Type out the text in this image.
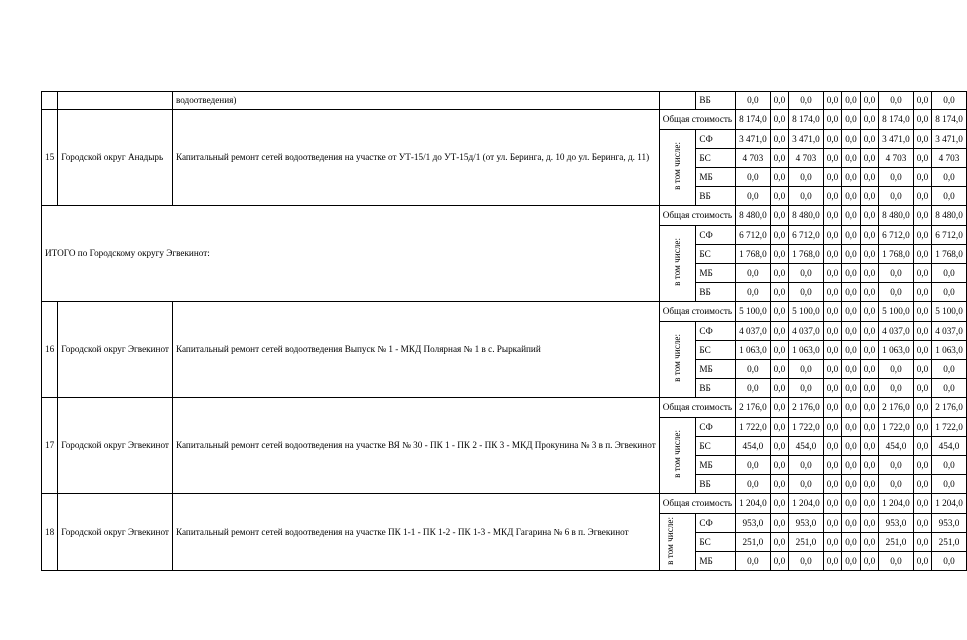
		водоотведения)		ВБ	0,0	0,0	0,0	0,0	0,0	0,0	0,0	0,0	0,0
15	Городской округ Анадырь	Капитальный ремонт сетей водоотведения на участке от УТ-15/1 до УТ-15д/1 (от ул. Беринга, д. 10 до ул. Беринга, д. 11)	Общая стоимость		8 174,0	0,0	8 174,0	0,0	0,0	0,0	8 174,0	0,0	8 174,0
			в том числе:	СФ	3 471,0	0,0	3 471,0	0,0	0,0	0,0	3 471,0	0,0	3 471,0
				БС	4 703	0,0	4 703	0,0	0,0	0,0	4 703	0,0	4 703
				МБ	0,0	0,0	0,0	0,0	0,0	0,0	0,0	0,0	0,0
				ВБ	0,0	0,0	0,0	0,0	0,0	0,0	0,0	0,0	0,0
ИТОГО по Городскому округу Эгвекинот:			Общая стоимость		8 480,0	0,0	8 480,0	0,0	0,0	0,0	8 480,0	0,0	8 480,0
			в том числе:	СФ	6 712,0	0,0	6 712,0	0,0	0,0	0,0	6 712,0	0,0	6 712,0
				БС	1 768,0	0,0	1 768,0	0,0	0,0	0,0	1 768,0	0,0	1 768,0
				МБ	0,0	0,0	0,0	0,0	0,0	0,0	0,0	0,0	0,0
				ВБ	0,0	0,0	0,0	0,0	0,0	0,0	0,0	0,0	0,0
16	Городской округ Эгвекинот	Капитальный ремонт сетей водоотведения Выпуск № 1 - МКД Полярная № 1 в с. Рыркайпий	Общая стоимость		5 100,0	0,0	5 100,0	0,0	0,0	0,0	5 100,0	0,0	5 100,0
			в том числе:	СФ	4 037,0	0,0	4 037,0	0,0	0,0	0,0	4 037,0	0,0	4 037,0
				БС	1 063,0	0,0	1 063,0	0,0	0,0	0,0	1 063,0	0,0	1 063,0
				МБ	0,0	0,0	0,0	0,0	0,0	0,0	0,0	0,0	0,0
				ВБ	0,0	0,0	0,0	0,0	0,0	0,0	0,0	0,0	0,0
17	Городской округ Эгвекинот	Капитальный ремонт сетей водоотведения на участке ВЯ № 30 - ПК 1 - ПК 2 - ПК 3 - МКД Прокунина № 3 в п. Эгвекинот	Общая стоимость		2 176,0	0,0	2 176,0	0,0	0,0	0,0	2 176,0	0,0	2 176,0
			в том числе:	СФ	1 722,0	0,0	1 722,0	0,0	0,0	0,0	1 722,0	0,0	1 722,0
				БС	454,0	0,0	454,0	0,0	0,0	0,0	454,0	0,0	454,0
				МБ	0,0	0,0	0,0	0,0	0,0	0,0	0,0	0,0	0,0
				ВБ	0,0	0,0	0,0	0,0	0,0	0,0	0,0	0,0	0,0
18	Городской округ Эгвекинот	Капитальный ремонт сетей водоотведения на участке ПК 1-1 - ПК 1-2 - ПК 1-3 - МКД Гагарина № 6 в п. Эгвекинот	Общая стоимость		1 204,0	0,0	1 204,0	0,0	0,0	0,0	1 204,0	0,0	1 204,0
			в том числе:	СФ	953,0	0,0	953,0	0,0	0,0	0,0	953,0	0,0	953,0
				БС	251,0	0,0	251,0	0,0	0,0	0,0	251,0	0,0	251,0
				МБ	0,0	0,0	0,0	0,0	0,0	0,0	0,0	0,0	0,0
